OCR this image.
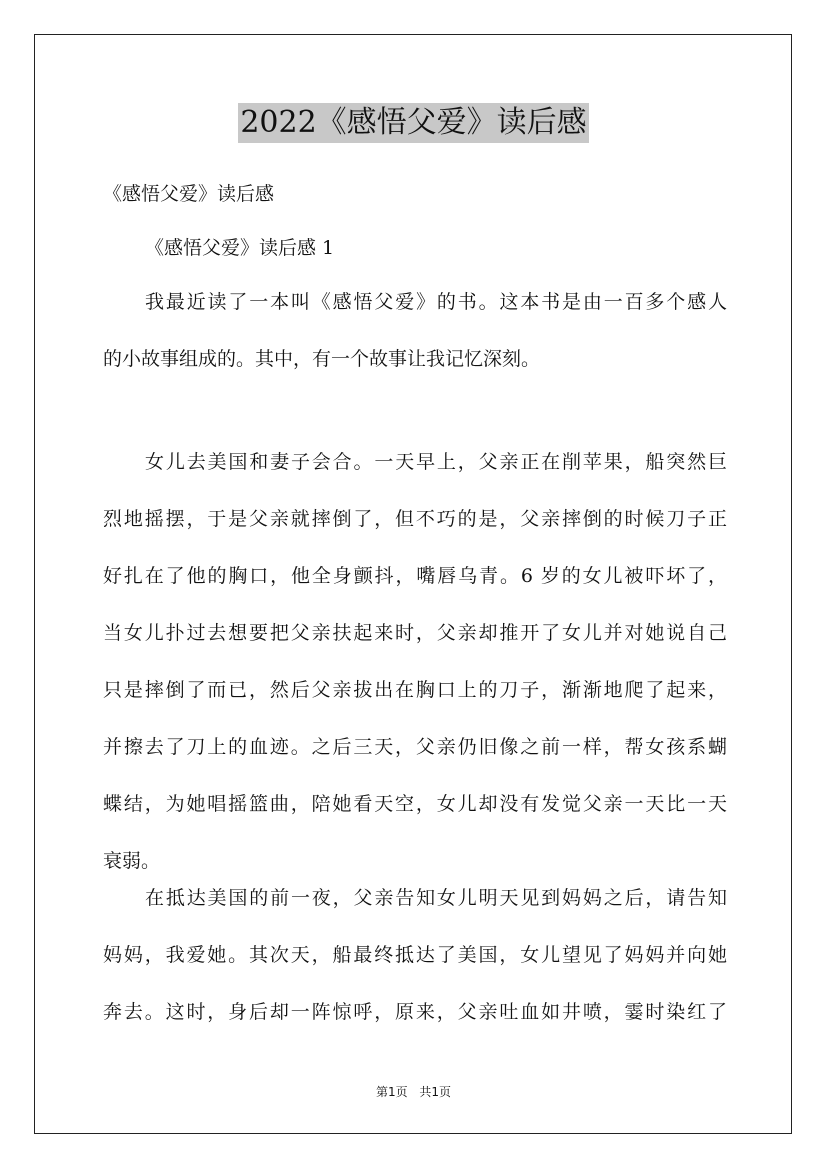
2022《感悟父爱》读后感
《感悟父爱》读后感
《感悟父爱》读后感 1
我最近读了一本叫《感悟父爱》的书。这本书是由一百多个感人
的小故事组成的。其中，有一个故事让我记忆深刻。
女儿去美国和妻子会合。一天早上，父亲正在削苹果，船突然巨
烈地摇摆，于是父亲就摔倒了，但不巧的是，父亲摔倒的时候刀子正
好扎在了他的胸口，他全身颤抖，嘴唇乌青。6 岁的女儿被吓坏了，
当女儿扑过去想要把父亲扶起来时，父亲却推开了女儿并对她说自己
只是摔倒了而已，然后父亲拔出在胸口上的刀子，渐渐地爬了起来，
并擦去了刀上的血迹。之后三天，父亲仍旧像之前一样，帮女孩系蝴
蝶结，为她唱摇篮曲，陪她看天空，女儿却没有发觉父亲一天比一天
衰弱。
在抵达美国的前一夜，父亲告知女儿明天见到妈妈之后，请告知
妈妈，我爱她。其次天，船最终抵达了美国，女儿望见了妈妈并向她
奔去。这时，身后却一阵惊呼，原来，父亲吐血如井喷，霎时染红了
第1页 共1页
